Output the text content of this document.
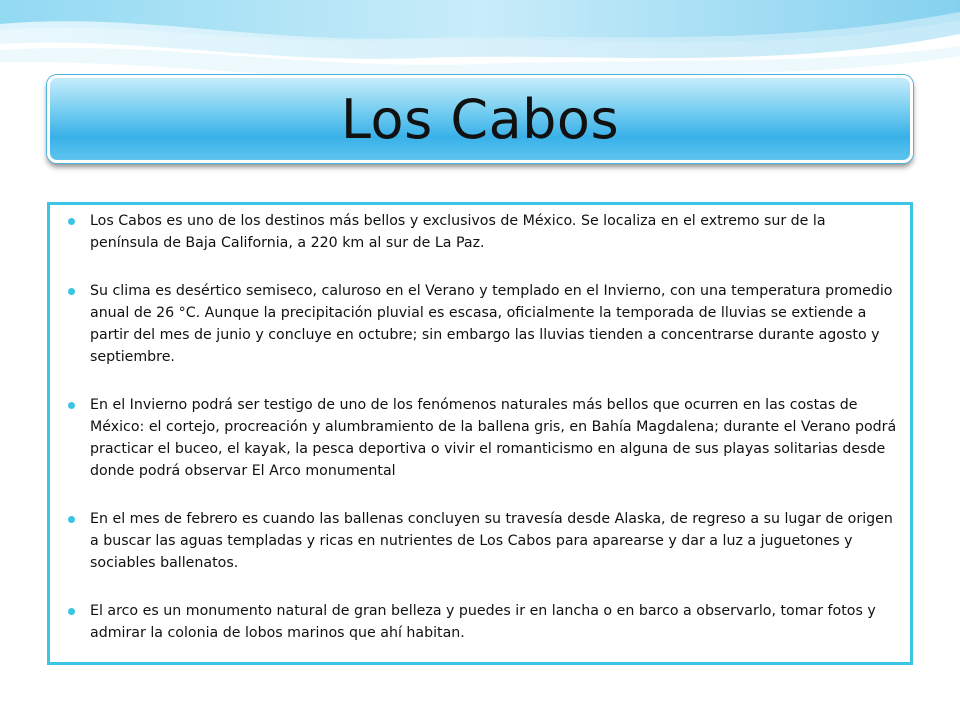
Los Cabos
Los Cabos es uno de los destinos más bellos y exclusivos de México. Se localiza en el extremo sur de la península de Baja California, a 220 km al sur de La Paz.
Su clima es desértico semiseco, caluroso en el Verano y templado en el Invierno, con una temperatura promedio anual de 26 °C. Aunque la precipitación pluvial es escasa, oficialmente la temporada de lluvias se extiende a partir del mes de junio y concluye en octubre; sin embargo las lluvias tienden a concentrarse durante agosto y septiembre.
En el Invierno podrá ser testigo de uno de los fenómenos naturales más bellos que ocurren en las costas de México: el cortejo, procreación y alumbramiento de la ballena gris, en Bahía Magdalena; durante el Verano podrá practicar el buceo, el kayak, la pesca deportiva o vivir el romanticismo en alguna de sus playas solitarias desde donde podrá observar El Arco monumental
En el mes de febrero es cuando las ballenas concluyen su travesía desde Alaska, de regreso a su lugar de origen a buscar las aguas templadas y ricas en nutrientes de Los Cabos para aparearse y dar a luz a juguetones y sociables ballenatos.
El arco es un monumento natural de gran belleza y puedes ir en lancha o en barco a observarlo, tomar fotos y admirar la colonia de lobos marinos que ahí habitan.
